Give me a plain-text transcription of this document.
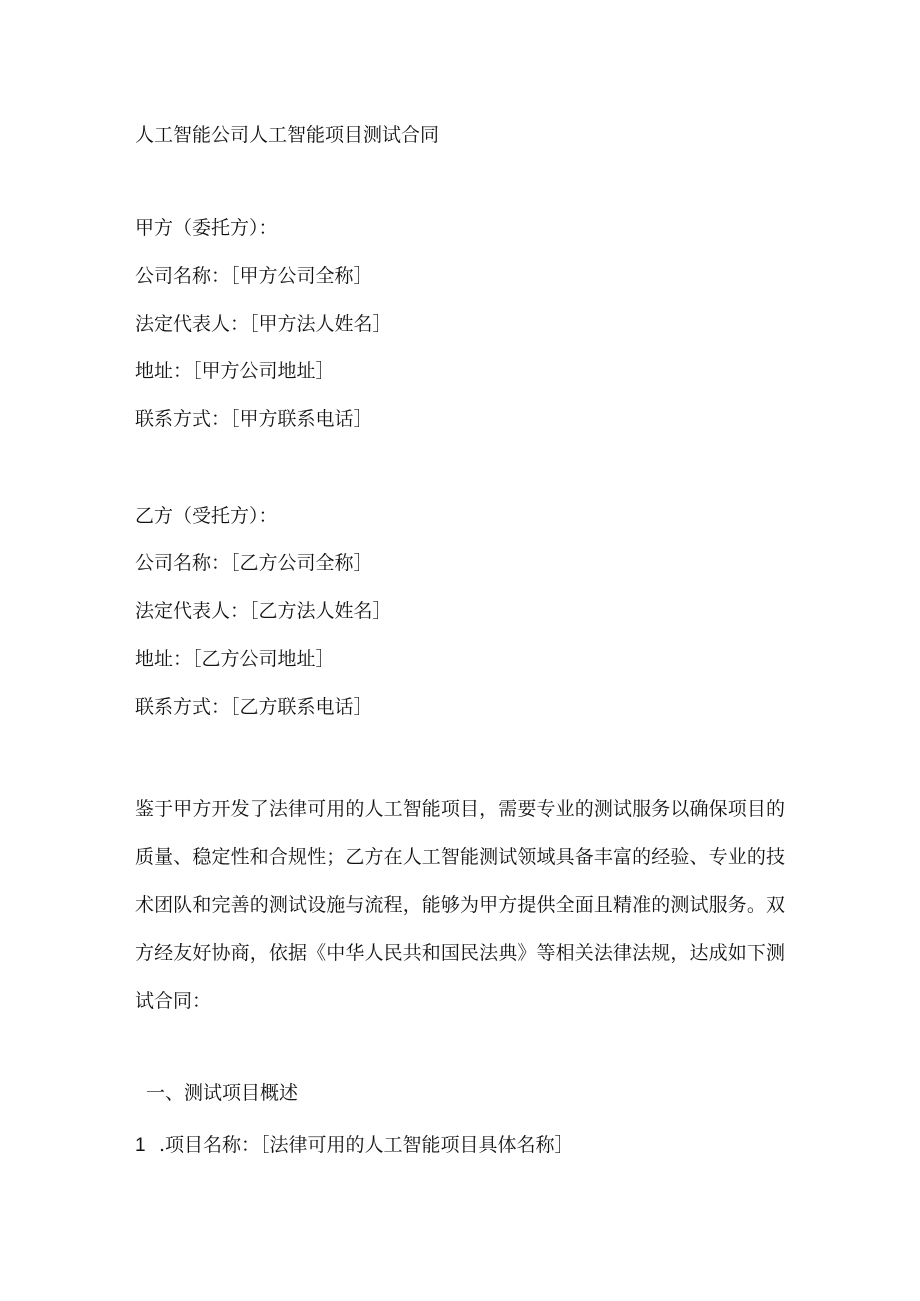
人工智能公司人工智能项目测试合同

甲方（委托方）：

公司名称：［甲方公司全称］

法定代表人：［甲方法人姓名］

地址：［甲方公司地址］

联系方式：［甲方联系电话］

乙方（受托方）：

公司名称：［乙方公司全称］

法定代表人：［乙方法人姓名］

地址：［乙方公司地址］

联系方式：［乙方联系电话］

鉴于甲方开发了法律可用的人工智能项目，需要专业的测试服务以确保项目的质量、稳定性和合规性；乙方在人工智能测试领域具备丰富的经验、专业的技术团队和完善的测试设施与流程，能够为甲方提供全面且精准的测试服务。双方经友好协商，依据《中华人民共和国民法典》等相关法律法规，达成如下测试合同：

一、测试项目概述

1 .项目名称：［法律可用的人工智能项目具体名称］
